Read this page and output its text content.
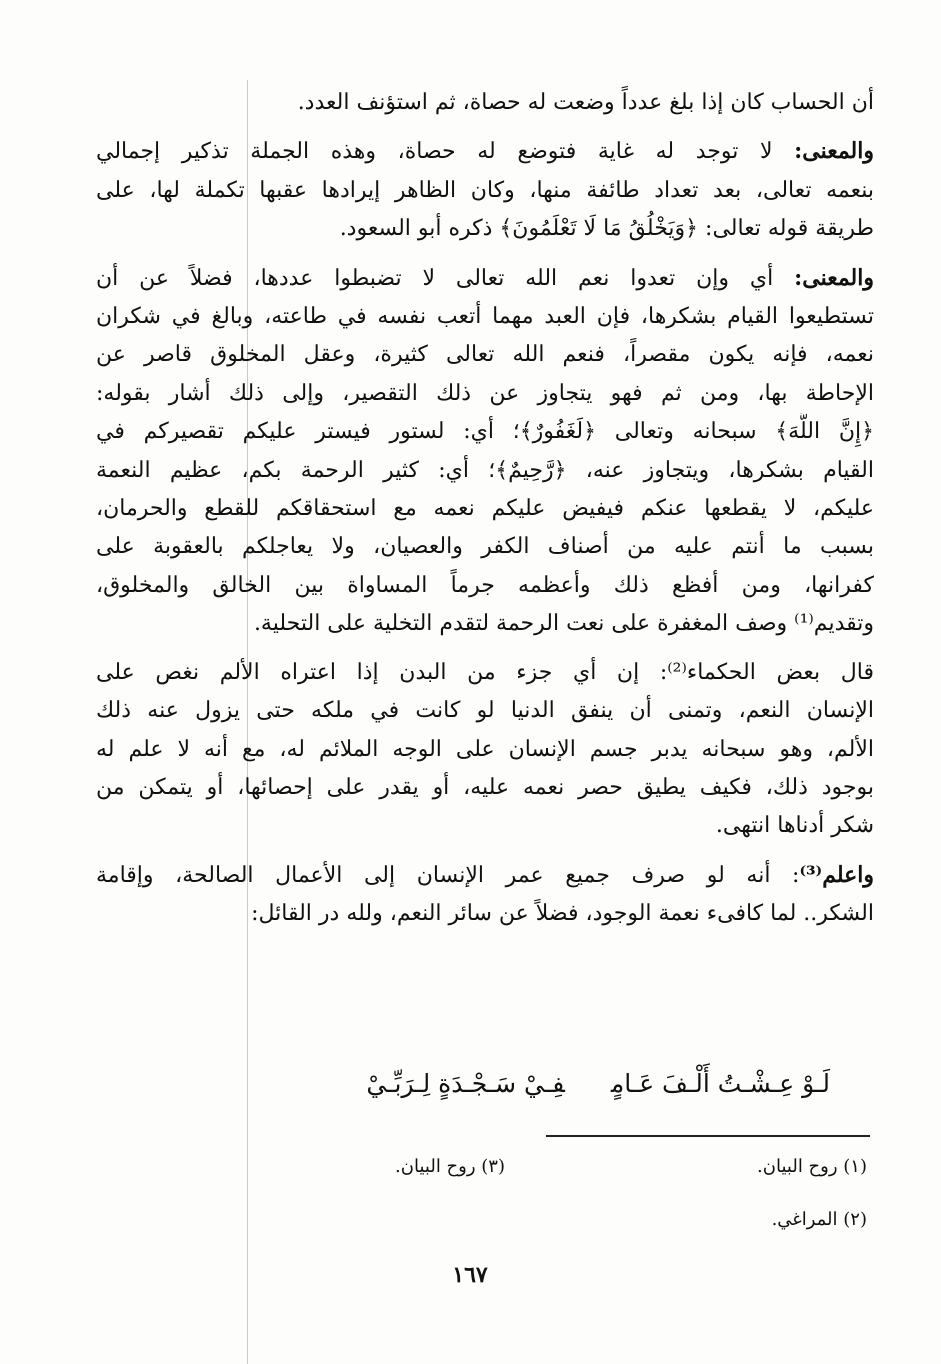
أن الحساب كان إذا بلغ عدداً وضعت له حصاة، ثم استؤنف العدد.
والمعنى: لا توجد له غاية فتوضع له حصاة، وهذه الجملة تذكير إجمالي
بنعمه تعالى، بعد تعداد طائفة منها، وكان الظاهر إيرادها عقبها تكملة لها، على
طريقة قوله تعالى: ﴿وَيَخْلُقُ مَا لَا تَعْلَمُونَ﴾ ذكره أبو السعود.
والمعنى: أي وإن تعدوا نعم الله تعالى لا تضبطوا عددها، فضلاً عن أن
تستطيعوا القيام بشكرها، فإن العبد مهما أتعب نفسه في طاعته، وبالغ في شكران
نعمه، فإنه يكون مقصراً، فنعم الله تعالى كثيرة، وعقل المخلوق قاصر عن
الإحاطة بها، ومن ثم فهو يتجاوز عن ذلك التقصير، وإلى ذلك أشار بقوله:
﴿إِنَّ اللَّهَ﴾ سبحانه وتعالى ﴿لَغَفُورٌ﴾؛ أي: لستور فيستر عليكم تقصيركم في
القيام بشكرها، ويتجاوز عنه، ﴿رَّحِيمٌ﴾؛ أي: كثير الرحمة بكم، عظيم النعمة
عليكم، لا يقطعها عنكم فيفيض عليكم نعمه مع استحقاقكم للقطع والحرمان،
بسبب ما أنتم عليه من أصناف الكفر والعصيان، ولا يعاجلكم بالعقوبة على
كفرانها، ومن أفظع ذلك وأعظمه جرماً المساواة بين الخالق والمخلوق،
وتقديم⁽¹⁾ وصف المغفرة على نعت الرحمة لتقدم التخلية على التحلية.
قال بعض الحكماء⁽²⁾: إن أي جزء من البدن إذا اعتراه الألم نغص على
الإنسان النعم، وتمنى أن ينفق الدنيا لو كانت في ملكه حتى يزول عنه ذلك
الألم، وهو سبحانه يدبر جسم الإنسان على الوجه الملائم له، مع أنه لا علم له
بوجود ذلك، فكيف يطيق حصر نعمه عليه، أو يقدر على إحصائها، أو يتمكن من
شكر أدناها انتهى.
واعلم⁽³⁾: أنه لو صرف جميع عمر الإنسان إلى الأعمال الصالحة، وإقامة
الشكر.. لما كافىء نعمة الوجود، فضلاً عن سائر النعم، ولله در القائل:
لَـوْ عِـشْـتُ أَلْـفَ عَـامٍفِـيْ سَـجْـدَةٍ لِـرَبِّـيْ
(١) روح البيان.
(٣) روح البيان.
(٢) المراغي.
١٦٧
